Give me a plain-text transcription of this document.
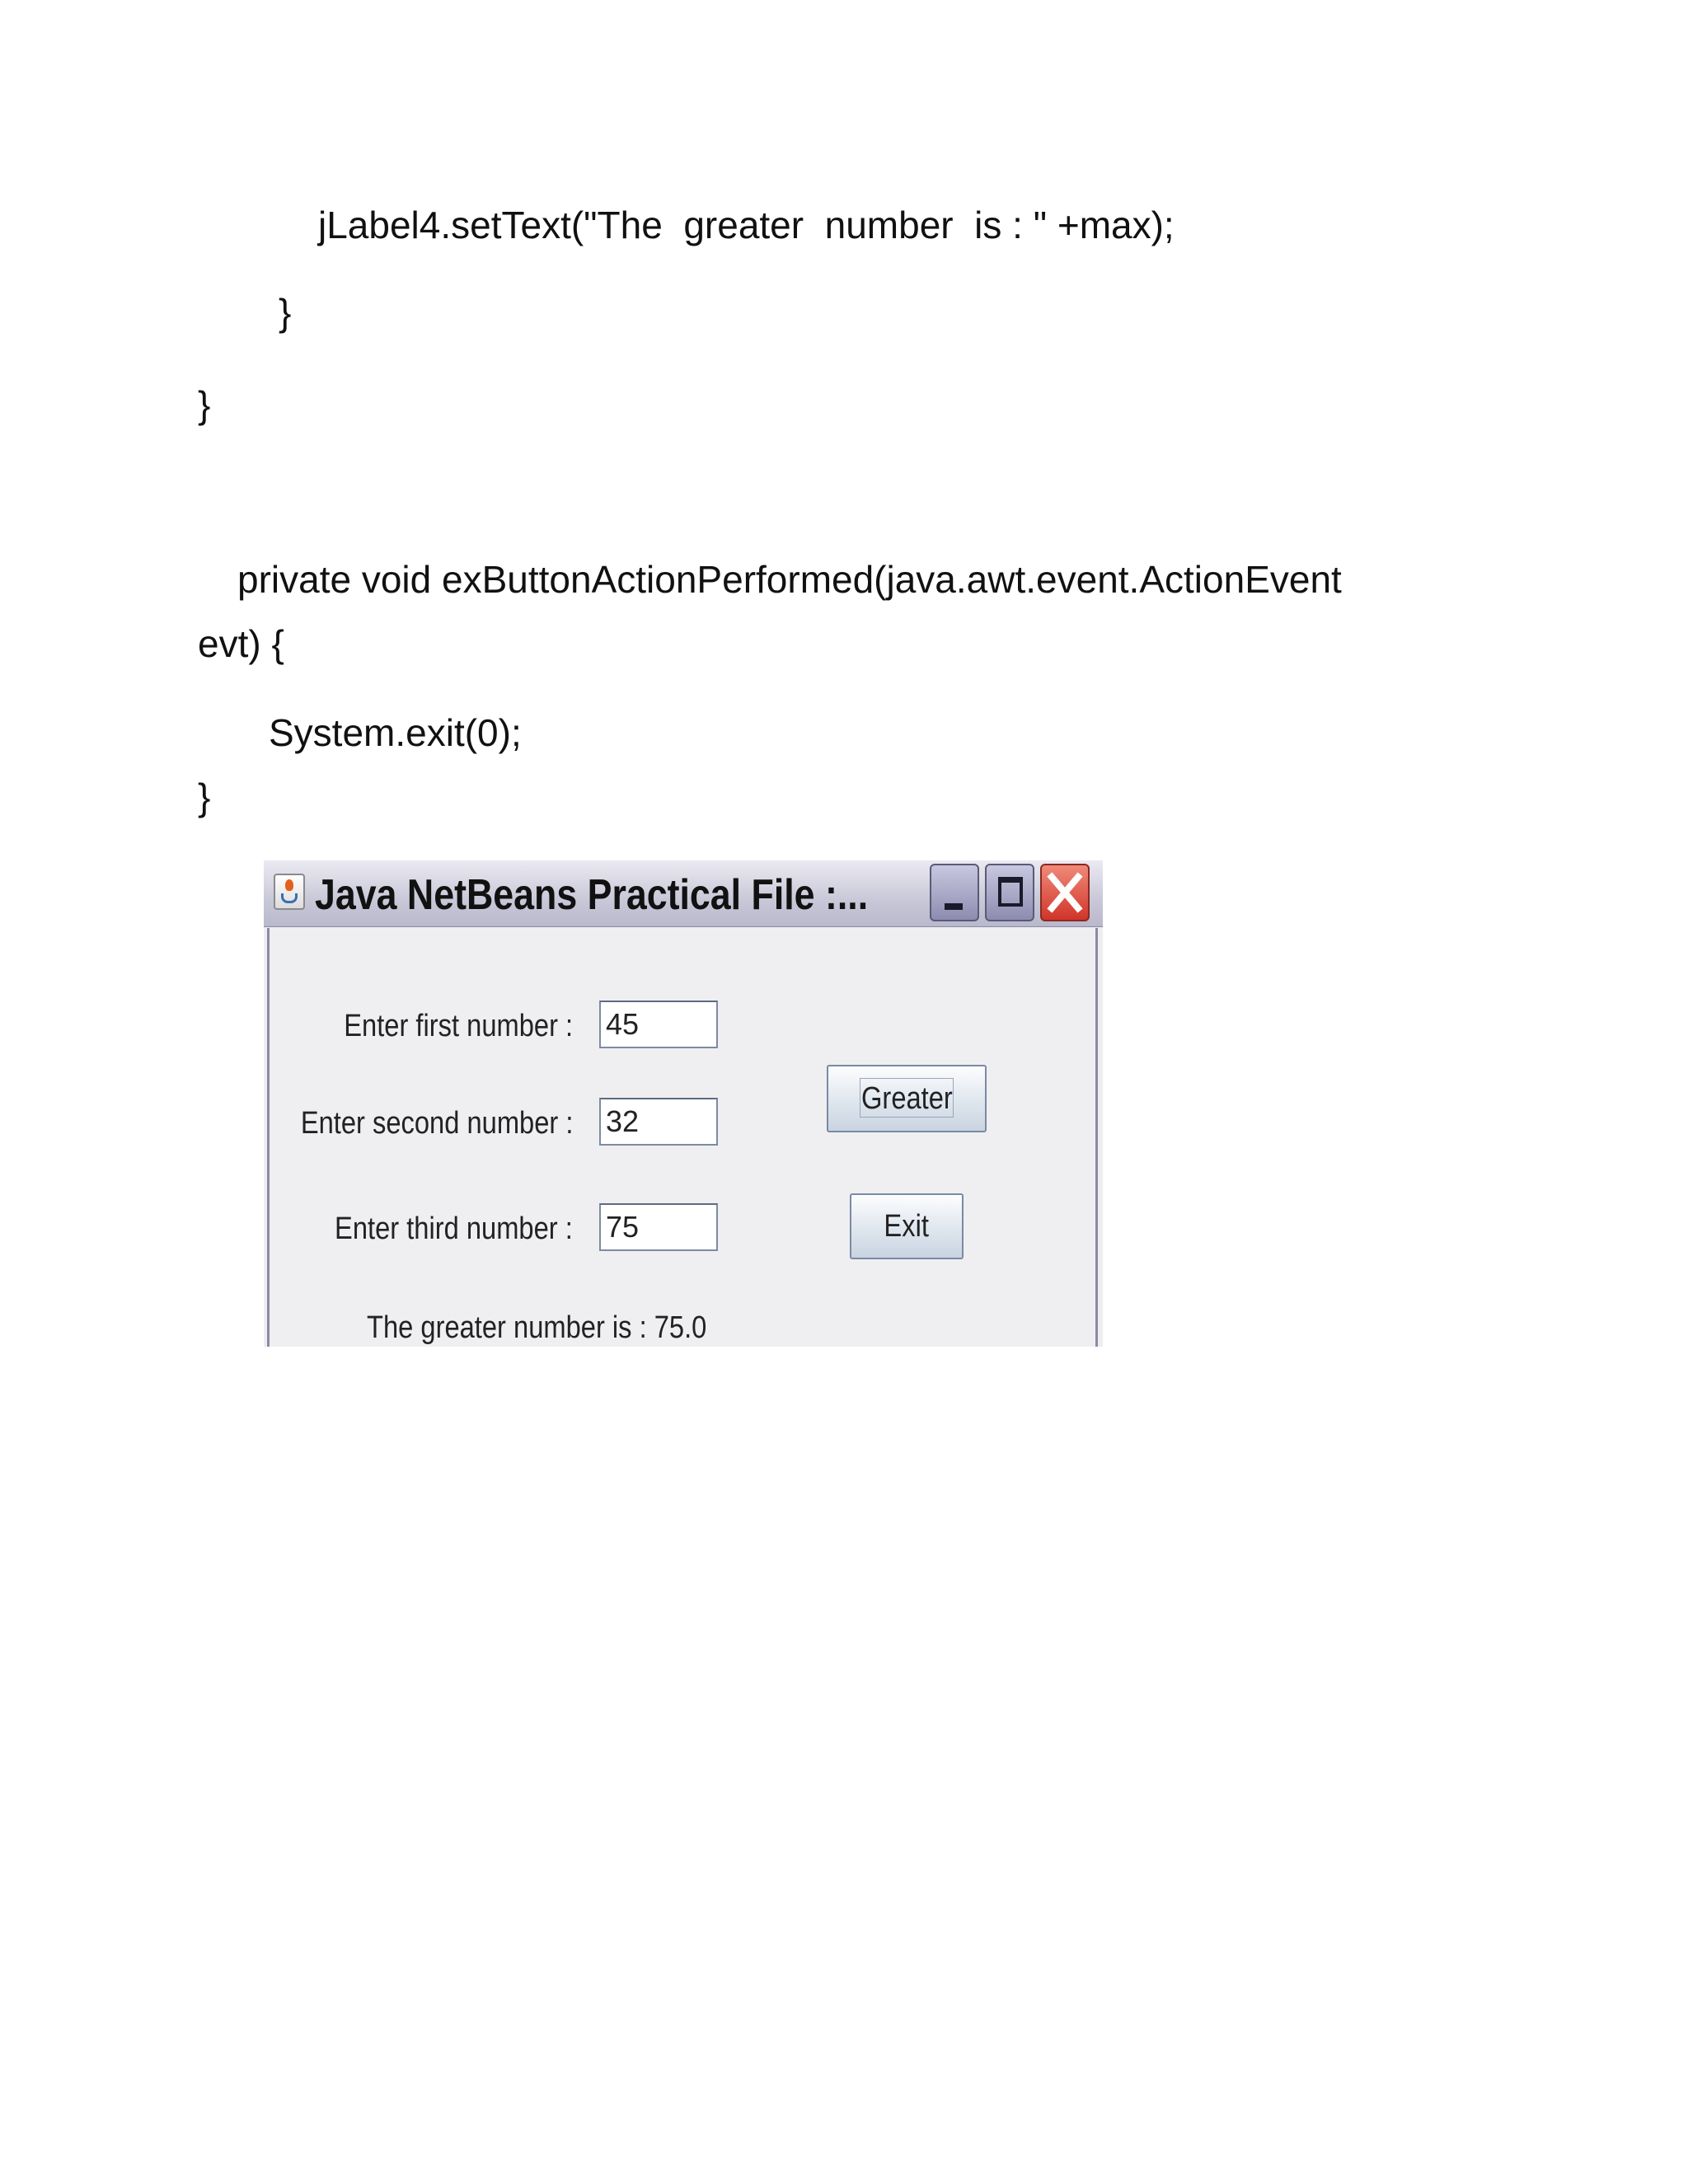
jLabel4.setText("The  greater  number  is : " +max);
}
}
private void exButtonActionPerformed(java.awt.event.ActionEvent
evt) {
System.exit(0);
}
Java NetBeans Practical File :...
Enter first number :
45
Enter second number :
32
Enter third number :
75
Greater
Exit
The greater number is : 75.0
